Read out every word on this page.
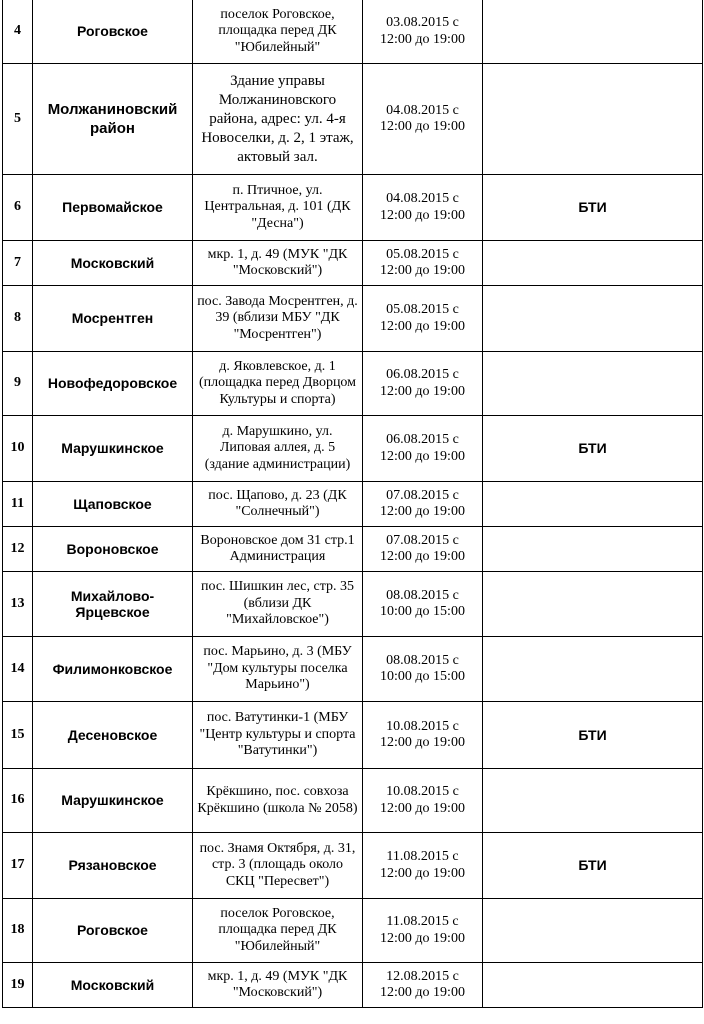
4	Роговское	поселок Роговское, площадка перед ДК "Юбилейный"	03.08.2015 с
12:00 до 19:00	

5	Молжаниновский район	Здание управы Молжаниновского района, адрес: ул. 4-я Новоселки, д. 2, 1 этаж, актовый зал.	04.08.2015 с
12:00 до 19:00	

6	Первомайское	п. Птичное, ул. Центральная, д. 101 (ДК "Десна")	04.08.2015 с
12:00 до 19:00	БТИ
7	Московский	мкр. 1, д. 49 (МУК "ДК "Московский")	05.08.2015 с
12:00 до 19:00	

8	Мосрентген	пос. Завода Мосрентген, д. 39 (вблизи МБУ "ДК "Мосрентген")	05.08.2015 с
12:00 до 19:00	

9	Новофедоровское	д. Яковлевское, д. 1 (площадка перед Дворцом Культуры и спорта)	06.08.2015 с
12:00 до 19:00	

10	Марушкинское	д. Марушкино, ул. Липовая аллея, д. 5 (здание администрации)	06.08.2015 с
12:00 до 19:00	БТИ
11	Щаповское	пос. Щапово, д. 23 (ДК "Солнечный")	07.08.2015 с
12:00 до 19:00	

12	Вороновское	Вороновское дом 31 стр.1 Администрация	07.08.2015 с
12:00 до 19:00	

13	Михайлово-Ярцевское	пос. Шишкин лес, стр. 35 (вблизи ДК "Михайловское")	08.08.2015 с
10:00 до 15:00	

14	Филимонковское	пос. Марьино, д. 3 (МБУ "Дом культуры поселка Марьино")	08.08.2015 с
10:00 до 15:00	

15	Десеновское	пос. Ватутинки-1 (МБУ "Центр культуры и спорта "Ватутинки")	10.08.2015 с
12:00 до 19:00	БТИ
16	Марушкинское	Крёкшино, пос. совхоза Крёкшино (школа № 2058)	10.08.2015 с
12:00 до 19:00	

17	Рязановское	пос. Знамя Октября, д. 31, стр. 3 (площадь около СКЦ "Пересвет")	11.08.2015 с
12:00 до 19:00	БТИ
18	Роговское	поселок Роговское, площадка перед ДК "Юбилейный"	11.08.2015 с
12:00 до 19:00	

19	Московский	мкр. 1, д. 49 (МУК "ДК "Московский")	12.08.2015 с
12:00 до 19:00	
